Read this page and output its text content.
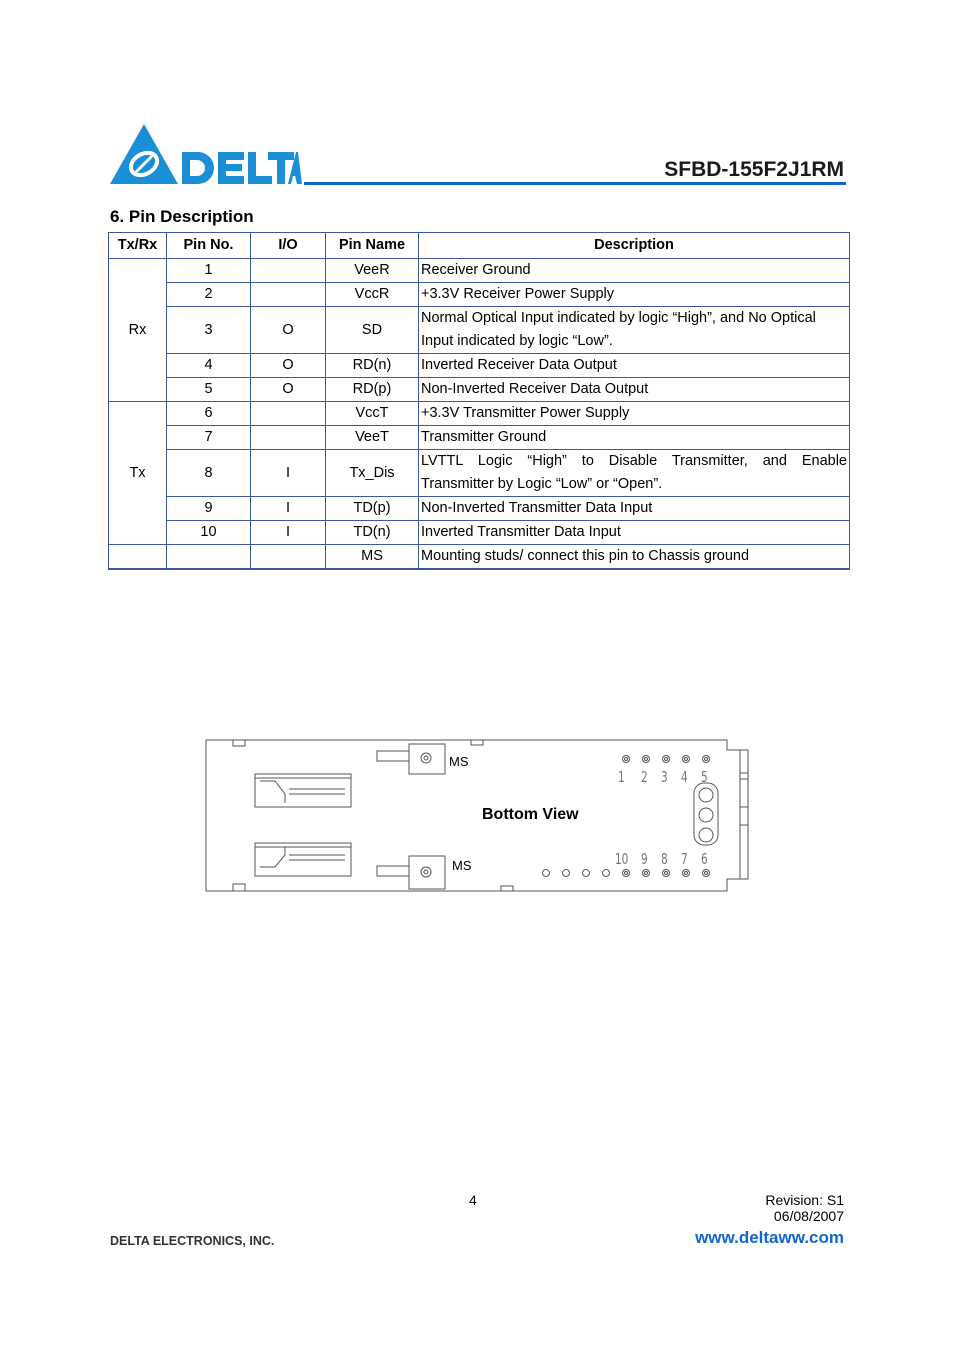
SFBD-155F2J1RM
6. Pin Description
Tx/Rx	Pin No.	I/O	Pin Name	Description
Rx	1		VeeR	Receiver Ground
	2		VccR	+3.3V Receiver Power Supply
	3	O	SD	Normal Optical Input indicated by logic “High”, and No Optical Input indicated by logic “Low”.
	4	O	RD(n)	Inverted Receiver Data Output
	5	O	RD(p)	Non-Inverted Receiver Data Output
Tx	6		VccT	+3.3V Transmitter Power Supply
	7		VeeT	Transmitter Ground
	8	I	Tx_Dis	LVTTL Logic “High” to Disable Transmitter, and Enable Transmitter by Logic “Low” or “Open”.
	9	I	TD(p)	Non-Inverted Transmitter Data Input
	10	I	TD(n)	Inverted Transmitter Data Input
			MS	Mounting studs/ connect this pin to Chassis ground
Bottom View
MS
MS
1 2 3 4 5
10 9 8 7 6
4	Revision: S1
06/08/2007
DELTA ELECTRONICS, INC.	www.deltaww.com
